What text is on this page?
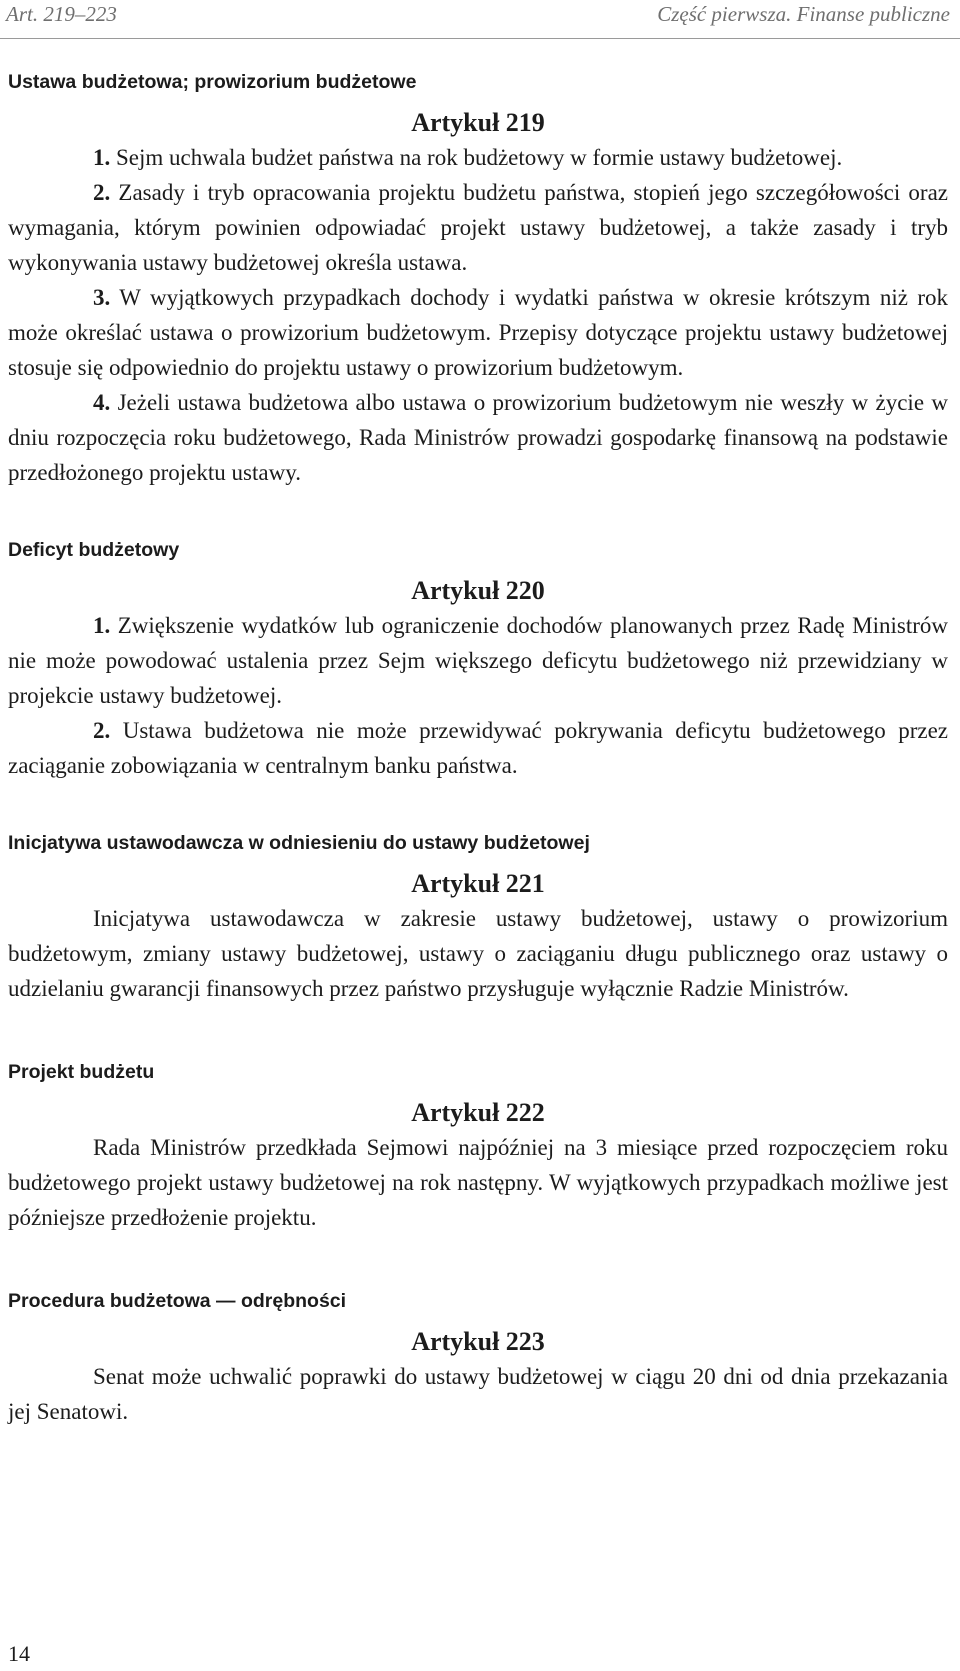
Art. 219–223	Część pierwsza. Finanse publiczne

Ustawa budżetowa; prowizorium budżetowe

Artykuł 219

1. Sejm uchwala budżet państwa na rok budżetowy w formie ustawy budżetowej.

2. Zasady i tryb opracowania projektu budżetu państwa, stopień jego szczegółowości oraz wymagania, którym powinien odpowiadać projekt ustawy budżetowej, a także zasady i tryb wykonywania ustawy budżetowej określa ustawa.

3. W wyjątkowych przypadkach dochody i wydatki państwa w okresie krótszym niż rok może określać ustawa o prowizorium budżetowym. Przepisy dotyczące projektu ustawy budżetowej stosuje się odpowiednio do projektu ustawy o prowizorium budżetowym.

4. Jeżeli ustawa budżetowa albo ustawa o prowizorium budżetowym nie weszły w życie w dniu rozpoczęcia roku budżetowego, Rada Ministrów prowadzi gospodarkę finansową na podstawie przedłożonego projektu ustawy.

Deficyt budżetowy

Artykuł 220

1. Zwiększenie wydatków lub ograniczenie dochodów planowanych przez Radę Ministrów nie może powodować ustalenia przez Sejm większego deficytu budżetowego niż przewidziany w projekcie ustawy budżetowej.

2. Ustawa budżetowa nie może przewidywać pokrywania deficytu budżetowego przez zaciąganie zobowiązania w centralnym banku państwa.

Inicjatywa ustawodawcza w odniesieniu do ustawy budżetowej

Artykuł 221

Inicjatywa ustawodawcza w zakresie ustawy budżetowej, ustawy o prowizorium budżetowym, zmiany ustawy budżetowej, ustawy o zaciąganiu długu publicznego oraz ustawy o udzielaniu gwarancji finansowych przez państwo przysługuje wyłącznie Radzie Ministrów.

Projekt budżetu

Artykuł 222

Rada Ministrów przedkłada Sejmowi najpóźniej na 3 miesiące przed rozpoczęciem roku budżetowego projekt ustawy budżetowej na rok następny. W wyjątkowych przypadkach możliwe jest późniejsze przedłożenie projektu.

Procedura budżetowa — odrębności

Artykuł 223

Senat może uchwalić poprawki do ustawy budżetowej w ciągu 20 dni od dnia przekazania jej Senatowi.

14
